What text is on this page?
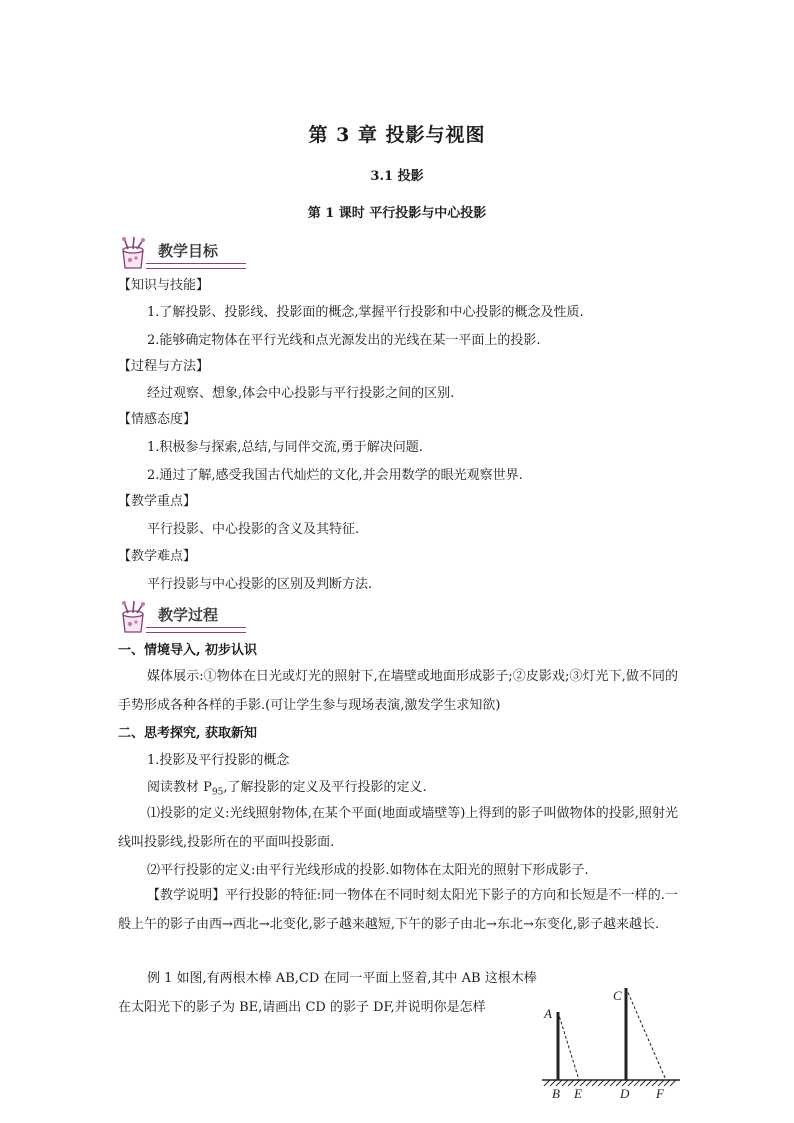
第 3 章 投影与视图
3.1 投影
第 1 课时 平行投影与中心投影
教学目标
【知识与技能】
1.了解投影、投影线、投影面的概念,掌握平行投影和中心投影的概念及性质.
2.能够确定物体在平行光线和点光源发出的光线在某一平面上的投影.
【过程与方法】
经过观察、想象,体会中心投影与平行投影之间的区别.
【情感态度】
1.积极参与探索,总结,与同伴交流,勇于解决问题.
2.通过了解,感受我国古代灿烂的文化,并会用数学的眼光观察世界.
【教学重点】
平行投影、中心投影的含义及其特征.
【教学难点】
平行投影与中心投影的区别及判断方法.
教学过程
一、情境导入, 初步认识
媒体展示:①物体在日光或灯光的照射下,在墙壁或地面形成影子;②皮影戏;③灯光下,做不同的手势形成各种各样的手影.(可让学生参与现场表演,激发学生求知欲)
二、思考探究, 获取新知
1.投影及平行投影的概念
阅读教材 $P_{95}$,了解投影的定义及平行投影的定义.
⑴投影的定义:光线照射物体,在某个平面(地面或墙壁等)上得到的影子叫做物体的投影,照射光线叫投影线,投影所在的平面叫投影面.
⑵平行投影的定义:由平行光线形成的投影.如物体在太阳光的照射下形成影子.
【教学说明】平行投影的特征:同一物体在不同时刻太阳光下影子的方向和长短是不一样的.一般上午的影子由西→西北→北变化,影子越来越短,下午的影子由北→东北→东变化,影子越来越长.
例 1 如图,有两根木棒 AB,CD 在同一平面上竖着,其中 AB 这根木棒在太阳光下的影子为 BE,请画出 CD 的影子 DF,并说明你是怎样	A
B E
C
D F
